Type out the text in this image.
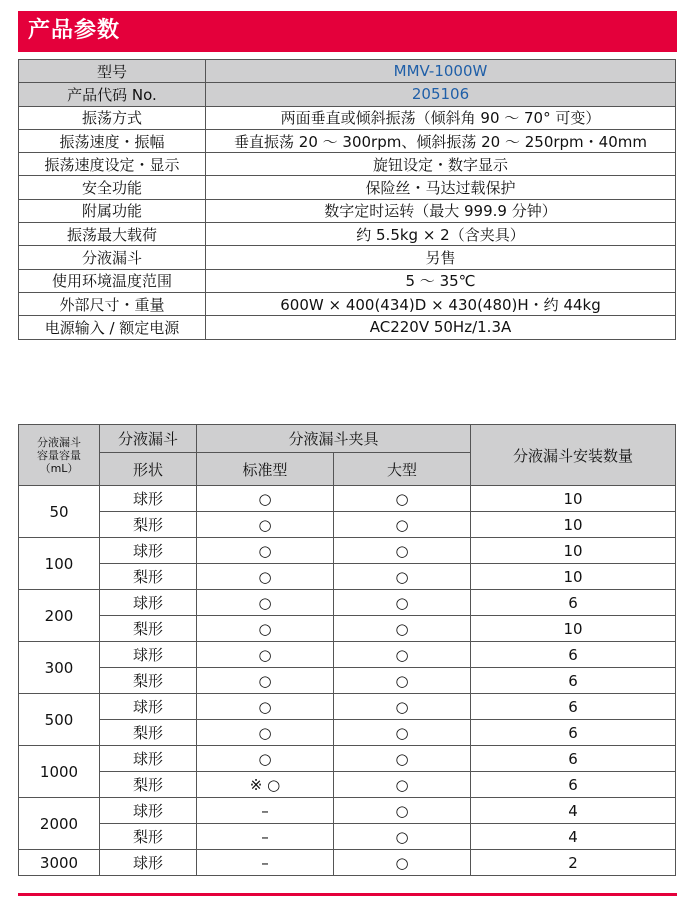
产品参数
型号	MMV-1000W
产品代码 No.	205106
振荡方式	两面垂直或倾斜振荡（倾斜角 90 ～ 70° 可变）
振荡速度・振幅	垂直振荡 20 ～ 300rpm、倾斜振荡 20 ～ 250rpm・40mm
振荡速度设定・显示	旋钮设定・数字显示
安全功能	保险丝・马达过载保护
附属功能	数字定时运转（最大 999.9 分钟）
振荡最大载荷	约 5.5kg × 2（含夹具）
分液漏斗	另售
使用环境温度范围	5 ～ 35℃
外部尺寸・重量	600W × 400(434)D × 430(480)H・约 44kg
电源输入 / 额定电源	AC220V 50Hz/1.3A
分液漏斗
容量容量
（mL）	分液漏斗	分液漏斗夹具		分液漏斗安装数量
	形状	标准型	大型	
50	球形	○	○	10
	梨形	○	○	10
100	球形	○	○	10
	梨形	○	○	10
200	球形	○	○	6
	梨形	○	○	10
300	球形	○	○	6
	梨形	○	○	6
500	球形	○	○	6
	梨形	○	○	6
1000	球形	○	○	6
	梨形	※ ○	○	6
2000	球形	–	○	4
	梨形	–	○	4
3000	球形	–	○	2
